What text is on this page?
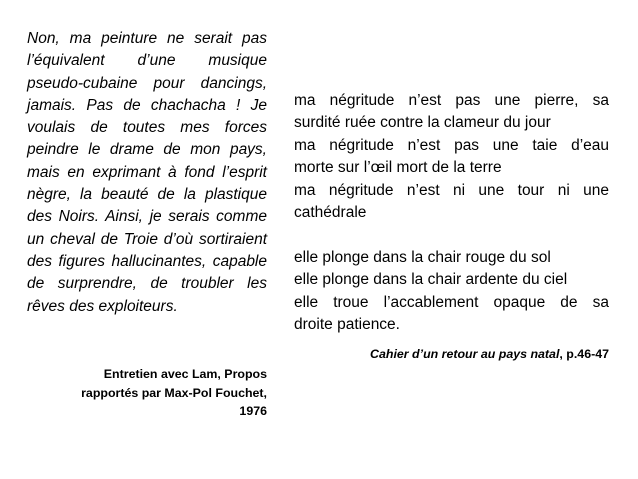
Non, ma peinture ne serait pas l’équivalent d’une musique pseudo-cubaine pour dancings, jamais. Pas de chachacha ! Je voulais de toutes mes forces peindre le drame de mon pays, mais en exprimant à fond l’esprit nègre, la beauté de la plastique des Noirs. Ainsi, je serais comme un cheval de Troie d’où sortiraient des figures hallucinantes, capable de surprendre, de troubler les rêves des exploiteurs.

Entretien avec Lam, Propos
rapportés par Max-Pol Fouchet,
1976
ma négritude n’est pas une pierre, sa
surdité ruée contre la clameur du jour
ma négritude n’est pas une taie d’eau
morte sur l’œil mort de la terre
ma négritude n’est ni une tour ni une
cathédrale
elle plonge dans la chair rouge du sol
elle plonge dans la chair ardente du ciel
elle troue l’accablement opaque de sa
droite patience.
Cahier d’un retour au pays natal, p.46-47
